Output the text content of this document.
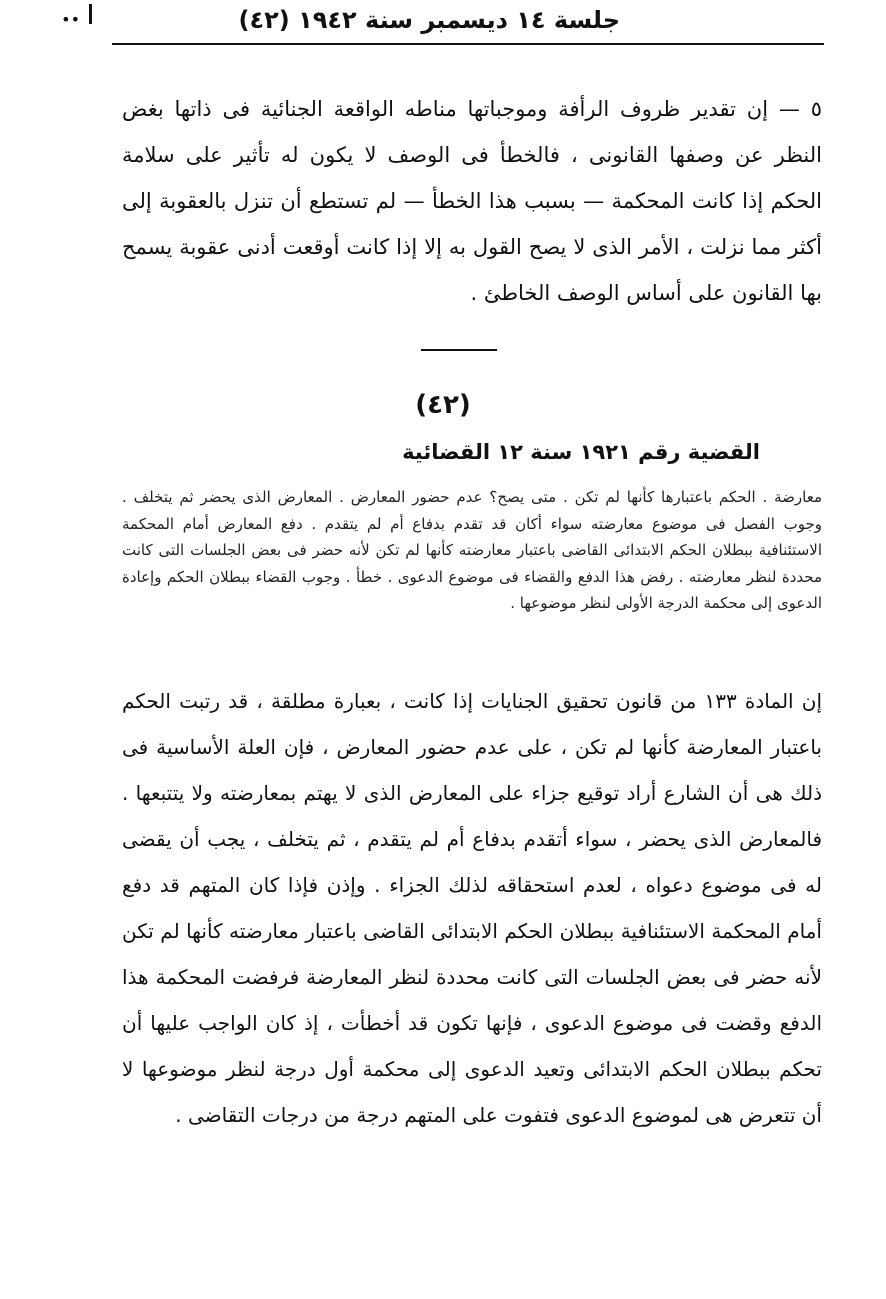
••	جلسة ١٤ ديسمبر سنة ١٩٤٢ (٤٢)

٥ — إن تقدير ظروف الرأفة وموجباتها مناطه الواقعة الجنائية فى ذاتها بغض النظر عن وصفها القانونى ، فالخطأ فى الوصف لا يكون له تأثير على سلامة الحكم إذا كانت المحكمة — بسبب هذا الخطأ — لم تستطع أن تنزل بالعقوبة إلى أكثر مما نزلت ، الأمر الذى لا يصح القول به إلا إذا كانت أوقعت أدنى عقوبة يسمح بها القانون على أساس الوصف الخاطئ .

(٤٢)
القضية رقم ١٩٢١ سنة ١٢ القضائية

معارضة . الحكم باعتبارها كأنها لم تكن . متى يصح؟ عدم حضور المعارض . المعارض الذى يحضر ثم يتخلف . وجوب الفصل فى موضوع معارضته سواء أكان قد تقدم بدفاع أم لم يتقدم . دفع المعارض أمام المحكمة الاستئنافية ببطلان الحكم الابتدائى القاضى باعتبار معارضته كأنها لم تكن لأنه حضر فى بعض الجلسات التى كانت محددة لنظر معارضته . رفض هذا الدفع والقضاء فى موضوع الدعوى . خطأ . وجوب القضاء ببطلان الحكم وإعادة الدعوى إلى محكمة الدرجة الأولى لنظر موضوعها .

إن المادة ١٣٣ من قانون تحقيق الجنايات إذا كانت ، بعبارة مطلقة ، قد رتبت الحكم باعتبار المعارضة كأنها لم تكن ، على عدم حضور المعارض ، فإن العلة الأساسية فى ذلك هى أن الشارع أراد توقيع جزاء على المعارض الذى لا يهتم بمعارضته ولا يتتبعها . فالمعارض الذى يحضر ، سواء أتقدم بدفاع أم لم يتقدم ، ثم يتخلف ، يجب أن يقضى له فى موضوع دعواه ، لعدم استحقاقه لذلك الجزاء . وإذن فإذا كان المتهم قد دفع أمام المحكمة الاستئنافية ببطلان الحكم الابتدائى القاضى باعتبار معارضته كأنها لم تكن لأنه حضر فى بعض الجلسات التى كانت محددة لنظر المعارضة فرفضت المحكمة هذا الدفع وقضت فى موضوع الدعوى ، فإنها تكون قد أخطأت ، إذ كان الواجب عليها أن تحكم ببطلان الحكم الابتدائى وتعيد الدعوى إلى محكمة أول درجة لنظر موضوعها لا أن تتعرض هى لموضوع الدعوى فتفوت على المتهم درجة من درجات التقاضى .
